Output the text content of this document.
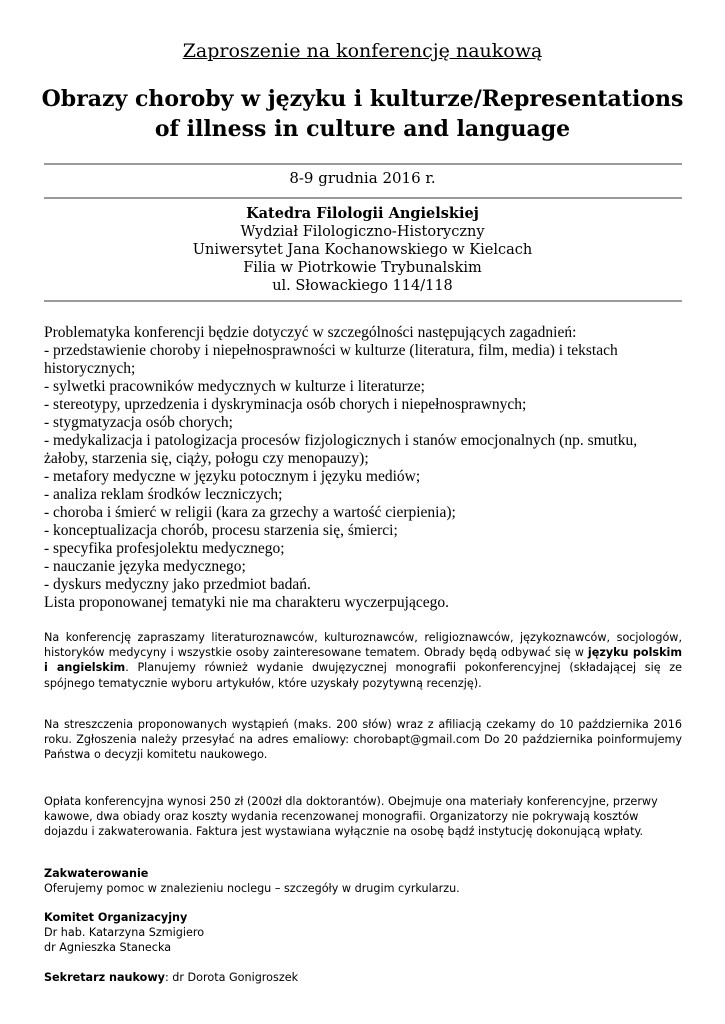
Zaproszenie na konferencję naukową
Obrazy choroby w języku i kulturze/Representations of illness in culture and language
8-9 grudnia 2016 r.
Katedra Filologii Angielskiej
Wydział Filologiczno-Historyczny
Uniwersytet Jana Kochanowskiego w Kielcach
Filia w Piotrkowie Trybunalskim
ul. Słowackiego 114/118
Problematyka konferencji będzie dotyczyć w szczególności następujących zagadnień:
- przedstawienie choroby i niepełnosprawności w kulturze (literatura, film, media) i tekstach historycznych;
- sylwetki pracowników medycznych w kulturze i literaturze;
- stereotypy, uprzedzenia i dyskryminacja osób chorych i niepełnosprawnych;
- stygmatyzacja osób chorych;
- medykalizacja i patologizacja procesów fizjologicznych i stanów emocjonalnych (np. smutku, żałoby, starzenia się, ciąży, połogu czy menopauzy);
- metafory medyczne w języku potocznym i języku mediów;
- analiza reklam środków leczniczych;
- choroba i śmierć w religii (kara za grzechy a wartość cierpienia);
- konceptualizacja chorób, procesu starzenia się, śmierci;
- specyfika profesjolektu medycznego;
- nauczanie języka medycznego;
- dyskurs medyczny jako przedmiot badań.
Lista proponowanej tematyki nie ma charakteru wyczerpującego.
Na konferencję zapraszamy literaturoznawców, kulturoznawców, religioznawców, językoznawców, socjologów, historyków medycyny i wszystkie osoby zainteresowane tematem. Obrady będą odbywać się w języku polskim i angielskim. Planujemy również wydanie dwujęzycznej monografii pokonferencyjnej (składającej się ze spójnego tematycznie wyboru artykułów, które uzyskały pozytywną recenzję).
Na streszczenia proponowanych wystąpień (maks. 200 słów) wraz z afiliacją czekamy do 10 października 2016 roku. Zgłoszenia należy przesyłać na adres emaliowy: chorobapt@gmail.com Do 20 października poinformujemy Państwa o decyzji komitetu naukowego.
Opłata konferencyjna wynosi 250 zł (200zł dla doktorantów). Obejmuje ona materiały konferencyjne, przerwy kawowe, dwa obiady oraz koszty wydania recenzowanej monografii. Organizatorzy nie pokrywają kosztów dojazdu i zakwaterowania. Faktura jest wystawiana wyłącznie na osobę bądź instytucję dokonującą wpłaty.
Zakwaterowanie
Oferujemy pomoc w znalezieniu noclegu – szczegóły w drugim cyrkularzu.
Komitet Organizacyjny
Dr hab. Katarzyna Szmigiero
dr Agnieszka Stanecka
Sekretarz naukowy: dr Dorota Gonigroszek
